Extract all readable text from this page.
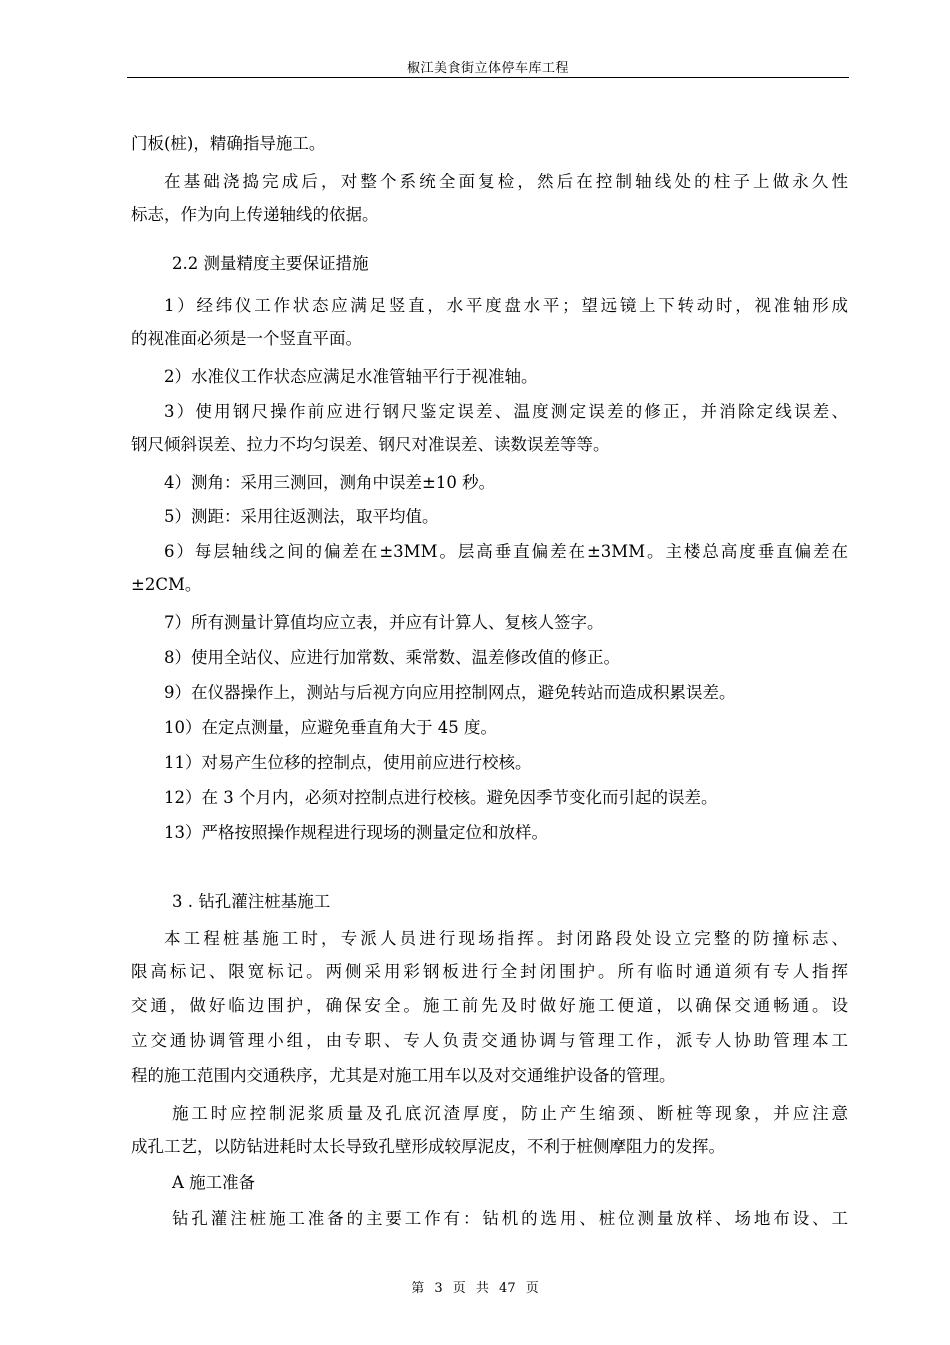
椒江美食街立体停车库工程
门板(桩)，精确指导施工。
在基础浇捣完成后，对整个系统全面复检，然后在控制轴线处的柱子上做永久性
标志，作为向上传递轴线的依据。
2.2 测量精度主要保证措施
1）经纬仪工作状态应满足竖直，水平度盘水平；望远镜上下转动时，视准轴形成
的视准面必须是一个竖直平面。
2）水准仪工作状态应满足水准管轴平行于视准轴。
3）使用钢尺操作前应进行钢尺鉴定误差、温度测定误差的修正，并消除定线误差、
钢尺倾斜误差、拉力不均匀误差、钢尺对准误差、读数误差等等。
4）测角：采用三测回，测角中误差±10 秒。
5）测距：采用往返测法，取平均值。
6）每层轴线之间的偏差在±3MM。层高垂直偏差在±3MM。主楼总高度垂直偏差在
±2CM。
7）所有测量计算值均应立表，并应有计算人、复核人签字。
8）使用全站仪、应进行加常数、乘常数、温差修改值的修正。
9）在仪器操作上，测站与后视方向应用控制网点，避免转站而造成积累误差。
10）在定点测量，应避免垂直角大于 45 度。
11）对易产生位移的控制点，使用前应进行校核。
12）在 3 个月内，必须对控制点进行校核。避免因季节变化而引起的误差。
13）严格按照操作规程进行现场的测量定位和放样。
3 . 钻孔灌注桩基施工
本工程桩基施工时，专派人员进行现场指挥。封闭路段处设立完整的防撞标志、
限高标记、限宽标记。两侧采用彩钢板进行全封闭围护。所有临时通道须有专人指挥
交通，做好临边围护，确保安全。施工前先及时做好施工便道，以确保交通畅通。设
立交通协调管理小组，由专职、专人负责交通协调与管理工作，派专人协助管理本工
程的施工范围内交通秩序，尤其是对施工用车以及对交通维护设备的管理。
施工时应控制泥浆质量及孔底沉渣厚度，防止产生缩颈、断桩等现象，并应注意
成孔工艺，以防钻进耗时太长导致孔壁形成较厚泥皮，不利于桩侧摩阻力的发挥。
A 施工准备
钻孔灌注桩施工准备的主要工作有：钻机的选用、桩位测量放样、场地布设、工
第 3 页 共 47 页
